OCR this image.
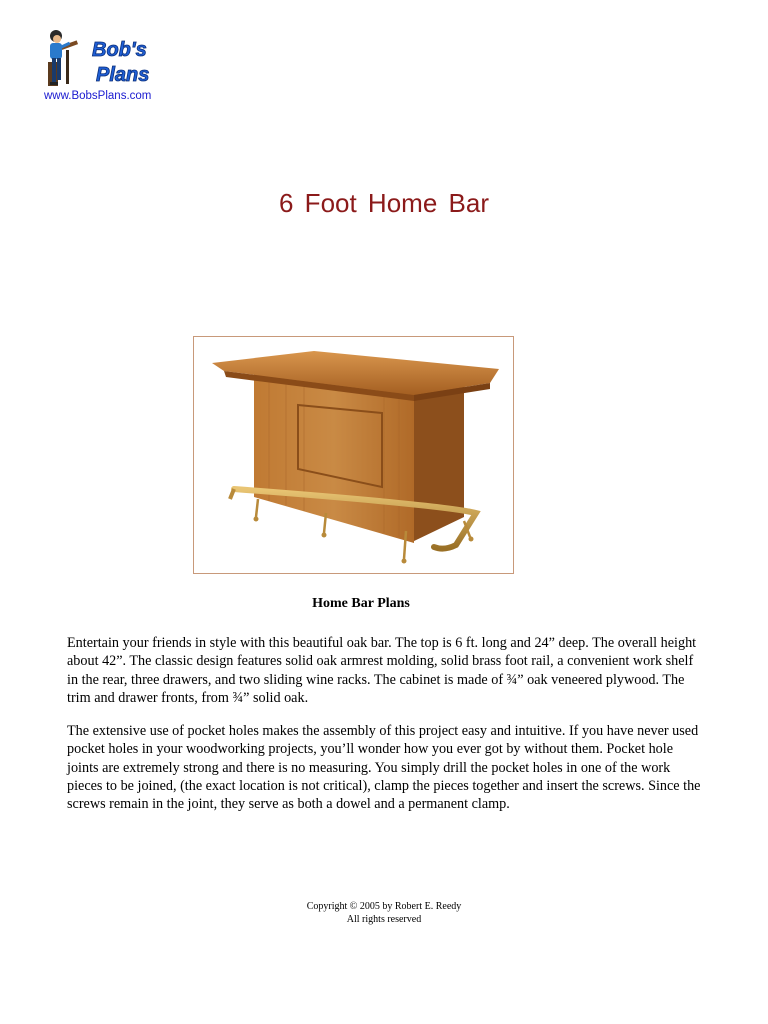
Bob's
Plans
www.BobsPlans.com
6 Foot Home Bar
Home Bar Plans

Entertain your friends in style with this beautiful oak bar. The top is 6 ft. long and 24” deep. The overall height about 42”. The classic design features solid oak armrest molding, solid brass foot rail, a convenient work shelf in the rear, three drawers, and two sliding wine racks. The cabinet is made of ¾” oak veneered plywood. The trim and drawer fronts, from ¾” solid oak.

The extensive use of pocket holes makes the assembly of this project easy and intuitive. If you have never used pocket holes in your woodworking projects, you’ll wonder how you ever got by without them. Pocket hole joints are extremely strong and there is no measuring. You simply drill the pocket holes in one of the work pieces to be joined, (the exact location is not critical), clamp the pieces together and insert the screws. Since the screws remain in the joint, they serve as both a dowel and a permanent clamp.

Copyright © 2005 by Robert E. Reedy
All rights reserved
